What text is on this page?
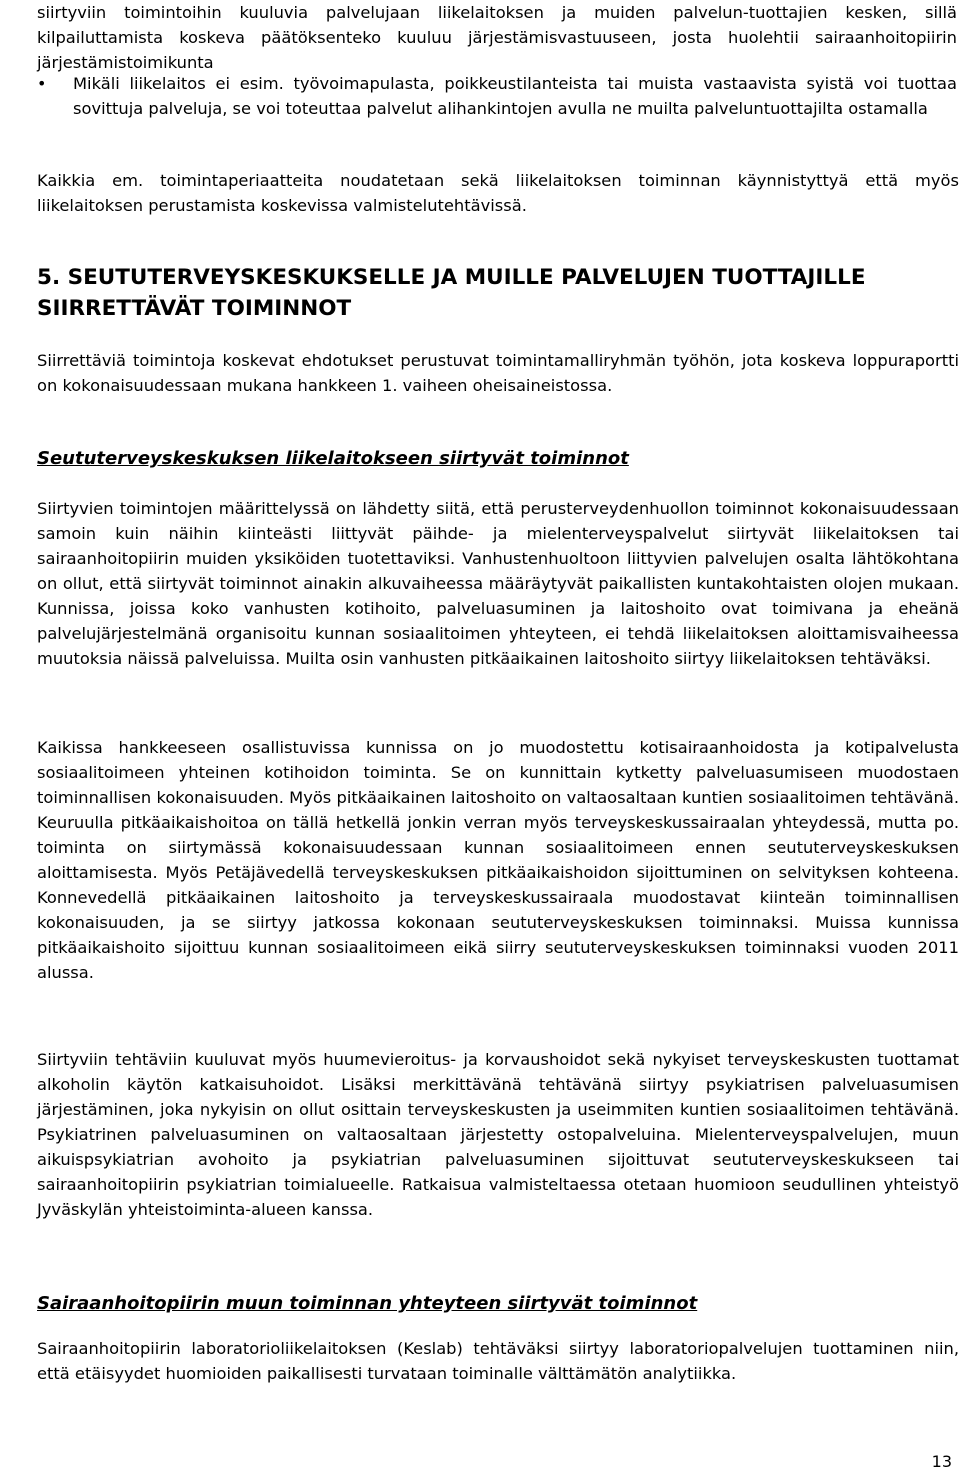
siirtyviin toimintoihin kuuluvia palvelujaan liikelaitoksen ja muiden palvelun-tuottajien kesken, sillä kilpailuttamista koskeva päätöksenteko kuuluu järjestämisvastuuseen, josta huolehtii sairaanhoitopiirin järjestämistoimikunta
•	Mikäli liikelaitos ei esim. työvoimapulasta, poikkeustilanteista tai muista vastaavista syistä voi tuottaa sovittuja palveluja, se voi toteuttaa palvelut alihankintojen avulla ne muilta palveluntuottajilta ostamalla
Kaikkia em. toimintaperiaatteita noudatetaan sekä liikelaitoksen toiminnan käynnistyttyä että myös liikelaitoksen perustamista koskevissa valmistelutehtävissä.
5. SEUTUTERVEYSKESKUKSELLE JA MUILLE PALVELUJEN TUOTTAJILLE SIIRRETTÄVÄT TOIMINNOT
Siirrettäviä toimintoja koskevat ehdotukset perustuvat toimintamalliryhmän työhön, jota koskeva loppuraportti on kokonaisuudessaan mukana hankkeen 1. vaiheen oheisaineistossa.
Seututerveyskeskuksen liikelaitokseen siirtyvät toiminnot
Siirtyvien toimintojen määrittelyssä on lähdetty siitä, että perusterveydenhuollon toiminnot kokonaisuudessaan samoin kuin näihin kiinteästi liittyvät päihde- ja mielenterveyspalvelut siirtyvät liikelaitoksen tai sairaanhoitopiirin muiden yksiköiden tuotettaviksi. Vanhustenhuoltoon liittyvien palvelujen osalta lähtökohtana on ollut, että siirtyvät toiminnot ainakin alkuvaiheessa määräytyvät paikallisten kuntakohtaisten olojen mukaan. Kunnissa, joissa koko vanhusten kotihoito, palveluasuminen ja laitoshoito ovat toimivana ja eheänä palvelujärjestelmänä organisoitu kunnan sosiaalitoimen yhteyteen, ei tehdä liikelaitoksen aloittamisvaiheessa muutoksia näissä palveluissa. Muilta osin vanhusten pitkäaikainen laitoshoito siirtyy liikelaitoksen tehtäväksi.
Kaikissa hankkeeseen osallistuvissa kunnissa on jo muodostettu kotisairaanhoidosta ja kotipalvelusta sosiaalitoimeen yhteinen kotihoidon toiminta. Se on kunnittain kytketty palveluasumiseen muodostaen toiminnallisen kokonaisuuden. Myös pitkäaikainen laitoshoito on valtaosaltaan kuntien sosiaalitoimen tehtävänä. Keuruulla pitkäaikaishoitoa on tällä hetkellä jonkin verran myös terveyskeskussairaalan yhteydessä, mutta po. toiminta on siirtymässä kokonaisuudessaan kunnan sosiaalitoimeen ennen seututerveyskeskuksen aloittamisesta. Myös Petäjävedellä terveyskeskuksen pitkäaikaishoidon sijoittuminen on selvityksen kohteena. Konnevedellä pitkäaikainen laitoshoito ja terveyskeskussairaala muodostavat kiinteän toiminnallisen kokonaisuuden, ja se siirtyy jatkossa kokonaan seututerveyskeskuksen toiminnaksi. Muissa kunnissa pitkäaikaishoito sijoittuu kunnan sosiaalitoimeen eikä siirry seututerveyskeskuksen toiminnaksi vuoden 2011 alussa.
Siirtyviin tehtäviin kuuluvat myös huumevieroitus- ja korvaushoidot sekä nykyiset terveyskeskusten tuottamat alkoholin käytön katkaisuhoidot. Lisäksi merkittävänä tehtävänä siirtyy psykiatrisen palveluasumisen järjestäminen, joka nykyisin on ollut osittain terveyskeskusten ja useimmiten kuntien sosiaalitoimen tehtävänä. Psykiatrinen palveluasuminen on valtaosaltaan järjestetty ostopalveluina. Mielenterveyspalvelujen, muun aikuispsykiatrian avohoito ja psykiatrian palveluasuminen sijoittuvat seututerveyskeskukseen tai sairaanhoitopiirin psykiatrian toimialueelle. Ratkaisua valmisteltaessa otetaan huomioon seudullinen yhteistyö Jyväskylän yhteistoiminta-alueen kanssa.
Sairaanhoitopiirin muun toiminnan yhteyteen siirtyvät toiminnot
Sairaanhoitopiirin laboratorioliikelaitoksen (Keslab) tehtäväksi siirtyy laboratoriopalvelujen tuottaminen niin, että etäisyydet huomioiden paikallisesti turvataan toiminalle välttämätön analytiikka.
13
